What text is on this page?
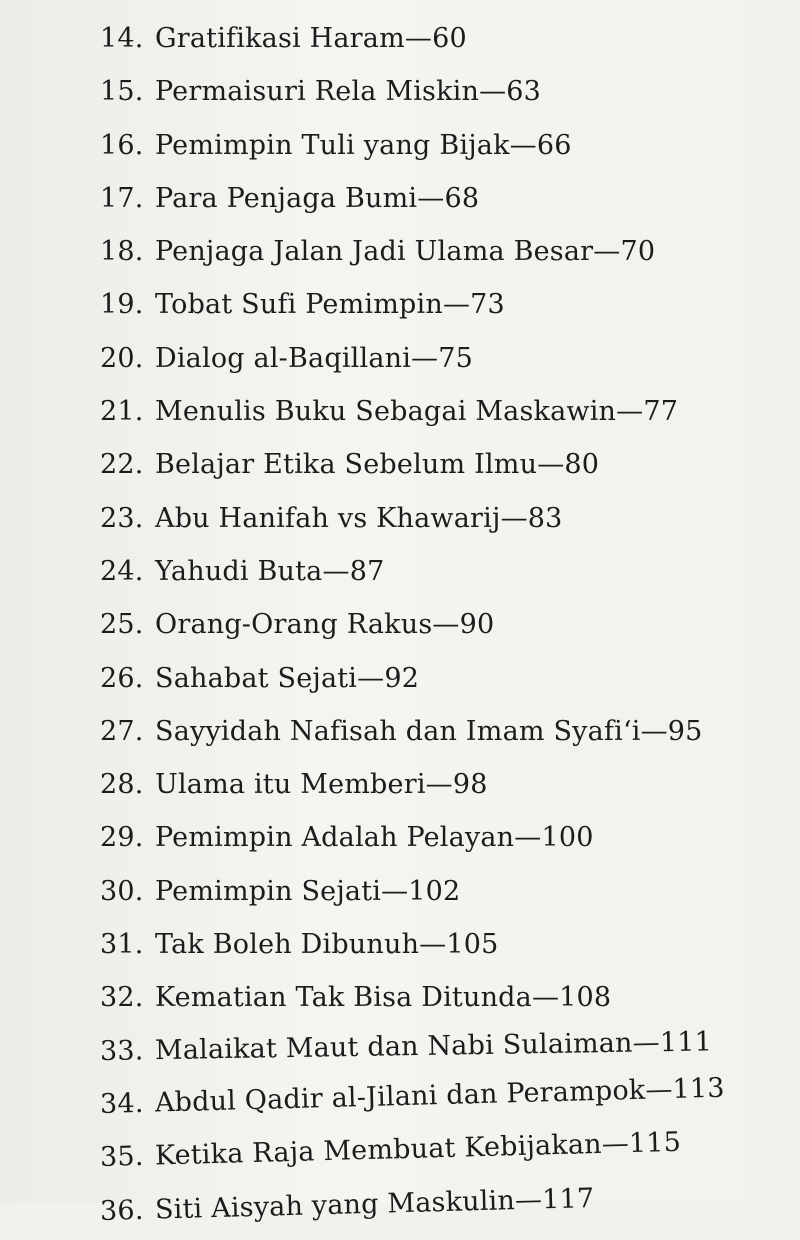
14. Gratifikasi Haram—60
15. Permaisuri Rela Miskin—63
16. Pemimpin Tuli yang Bijak—66
17. Para Penjaga Bumi—68
18. Penjaga Jalan Jadi Ulama Besar—70
19. Tobat Sufi Pemimpin—73
20. Dialog al-Baqillani—75
21. Menulis Buku Sebagai Maskawin—77
22. Belajar Etika Sebelum Ilmu—80
23. Abu Hanifah vs Khawarij—83
24. Yahudi Buta—87
25. Orang-Orang Rakus—90
26. Sahabat Sejati—92
27. Sayyidah Nafisah dan Imam Syafi‘i—95
28. Ulama itu Memberi—98
29. Pemimpin Adalah Pelayan—100
30. Pemimpin Sejati—102
31. Tak Boleh Dibunuh—105
32. Kematian Tak Bisa Ditunda—108
33. Malaikat Maut dan Nabi Sulaiman—111
34. Abdul Qadir al-Jilani dan Perampok—113
35. Ketika Raja Membuat Kebijakan—115
36. Siti Aisyah yang Maskulin—117
